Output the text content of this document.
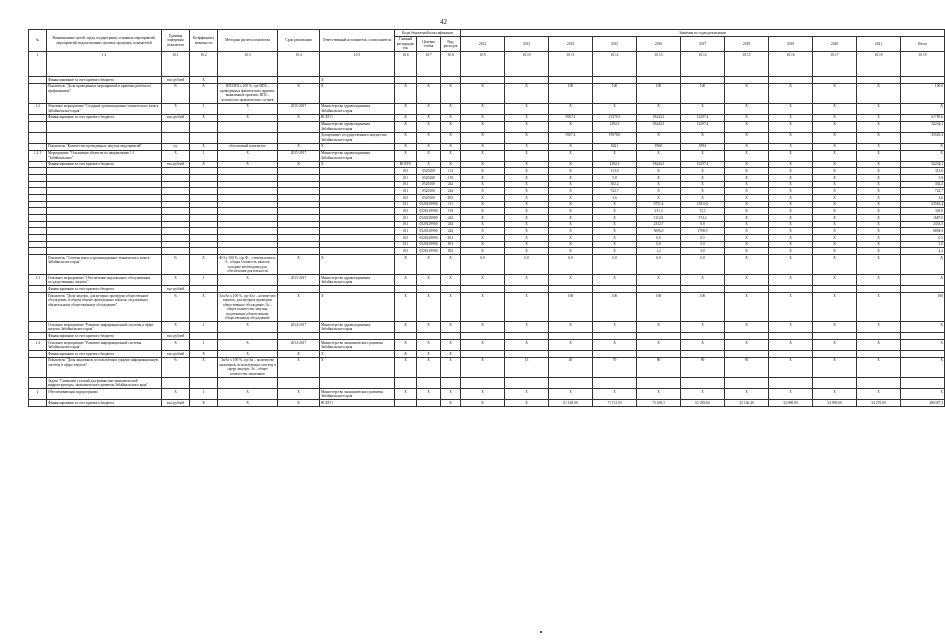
42
№	Наименование целей, задач, подпрограмм, основных мероприятий, мероприятий, ведомственных целевых программ, показателей	Единица измерения показателя	Коэффициент значимости	Методика расчета показателя	Срок реализации	Ответственный исполнитель, соисполнитель	Коды бюджетной классификации			Значения по годам реализации											
							Главный распорядитель	Целевая статья	Вид расходов	2012	2013	2014	2015	2016	2017	2018	2019	2020	2021	Итого	
1	1.2	10.1	10.2	10.3	10.4	10.5	10.6	10.7	10.8	10.9	10.10	10.11	10.12	10.13	10.14	10.15	10.16	10.17	10.18	10.19	
	Финансирование за счет краевого бюджета	тыс.рублей	X			X															
	Показатель "Доля проведенных мероприятий в практике работы по профилактике"	%	X	ИПЗ/ПП х 100 %, где ИПЗ – проведенных фактических практик; выявленных практик; ИПЗ – количество практических случаев	X	X	X	X	X	X	X	100	100	100	100	X	X	X	X	100,0	
1.2	Основное мероприятие "Создание организационно-технического запаса Забайкальского края"	X	1	X	2015-2017	Министерство здравоохранения Забайкальского края	X	X	X	X	X	X	X	X	X	X	X	X	X	X	
	Финансирование за счет краевого бюджета	тыс.рублей	X	X	X	ВСЕГО	X	X	X	X	X	9567,4	21470,5	18444,3	12297,4	X	X	X	X	61785,6	
						Министерство здравоохранения Забайкальского края	X	X	X	X	X	X	1492,5	18444,3	12297,4	X	X	X	X	32234,2	
						Департамент государственного имущества Забайкальского края	X	X	X	X	X	9567,4	19978,0	X	X	X	X	X	X	29545,4	
	Показатель "Количество проведенных закупок мероприятий"	ед.	X	абсолютный показатель	X	X	X	X	X	X	X	X	8421	8560	8594	X	X	X	X	X	
1.2.1	Мероприятие "Оснащение объектов по направлению 1.1 "Забайкальские"	X	1	X	2015-2017	Министерство здравоохранения Забайкальского края	X	X	X	X	X	X	X	X	X	X	X	X	X	X	
	Финансирование за счет краевого бюджета	тыс.рублей	X	X	X	X	ВСЕГО	X	X	X	X	X	1492,5	18444,3	12297,4	X	X	X	X	32234,2	
							011	0520100	112	X	X	X	313,0	X	X	X	X	X	X	313,0	
							011	0520100	119	X	X	X	5,8	X	X	X	X	X	X	5,8	
							011	0520100	242	X	X	X	302,2	X	X	X	X	X	X	302,2	
							011	0520100	244	X	X	X	722,7	X	X	X	X	X	X	722,7	
							011	0520100	851	X	X	X	3,6	X	X	X	X	X	X	3,6	
							011	0520129900	111	X	X	X	X	9751,4	13812,0	X	X	X	X	23563,4	
							011	0520129900	119	X	X	X	X	231,3	72,5	X	X	X	X	303,8	
							011	0520129900	242	X	X	X	X	1112,8	574,2	X	X	X	X	1687,0	
							011	0520129900	244	X	X	X	X	2332,7	0,8	X	X	X	X	2333,5	
							011	0520129900	244	X	X	X	X	5096,0	1798,9	X	X	X	X	6894,9	
							011	0520129900	831	X	X	X	X	0,0	0,5	X	X	X	X	0,5	
							011	0520129900	851	X	X	X	X	0,0	5,0	X	X	X	X	5,0	
							011	0520129900	852	X	X	X	X	1,2	3,0	X	X	X	X	4,2	
	Показатель "Степень износа организационно-технического запаса Забайкальского края"	%	X	Ф/З х 100 %, где Ф – степень износа; З – общая стоимость запасов, которые необходимы для обеспечения деятельности	X	X	X	X	X	6,0	6,0	6,0	6,0	6,0	6,0	X	X	X	X	X	
1.3	Основное мероприятие "Обеспечение надлежащего обслуживания государственных закупок"	X	1	X	2015-2017	Министерство здравоохранения Забайкальского края	X	X	X	X	X	X	X	X	X	X	X	X	X	X	
	Финансирование за счет краевого бюджета	тыс.рублей																			
	Показатель "Доля закупок, для которых проведено общественное обсуждение, в общем объеме проведенных закупок, подлежащих обязательному общественному обсуждению"	%	X	Зоо/Зо х 100 %, где Зоо – количество закупок, для которых проведено общественное обсуждение; Зо – общее количество закупок, подлежащих обязательному общественному обсуждению	X	X	X	X	X	X	X	100	100	100	100	X	X	X	X	100	
	Основное мероприятие "Развитие информационной системы в сфере закупок Забайкальского края"	X	1	X	2014-2017	Министерство здравоохранения Забайкальского края	X	X	X	X	X	X	X	X	X	X	X	X	X	X	
	Финансирование за счет краевого бюджета	тыс.рублей																			
1.4	Основное мероприятие "Развитие информационной системы Забайкальского края"	X	1	X	2014-2017	Министерство экономического развития Забайкальского края	X	X	X	X	X	X	X	X	X	X	X	X	X	X	
	Финансирование за счет краевого бюджета	тыс.рублей	X	X	X	X	X	X	X												
	Показатель "Доля заказчиков, использующих единую информационную систему в сфере закупок"	%	X	Зи/Зо х 100 %, где Зи – количество заказчиков, использующих систему в сфере закупок; Зо – общее количество заказчиков	X	X	X	X	X	X	15	40	70	80	90	95	X	X	X	X	
	Задача "Снижение условий для финансово-экономической инфраструктуры, экономического развития Забайкальского края"																				
2	Обеспечивающая подпрограмма	X	1	X	X	Министерство экономического развития Забайкальского края	X	X	X	X	X	X	X	X	X	X	X	X	X	X	
	Финансирование за счет краевого бюджета	тыс.рублей	X	X	X	ВСЕГО			X	X	X	61 128,00	71 151,03	73 168,3	61 283,60	52 126,40	52 098,00	54 939,60	54 279,00	486387,3	
